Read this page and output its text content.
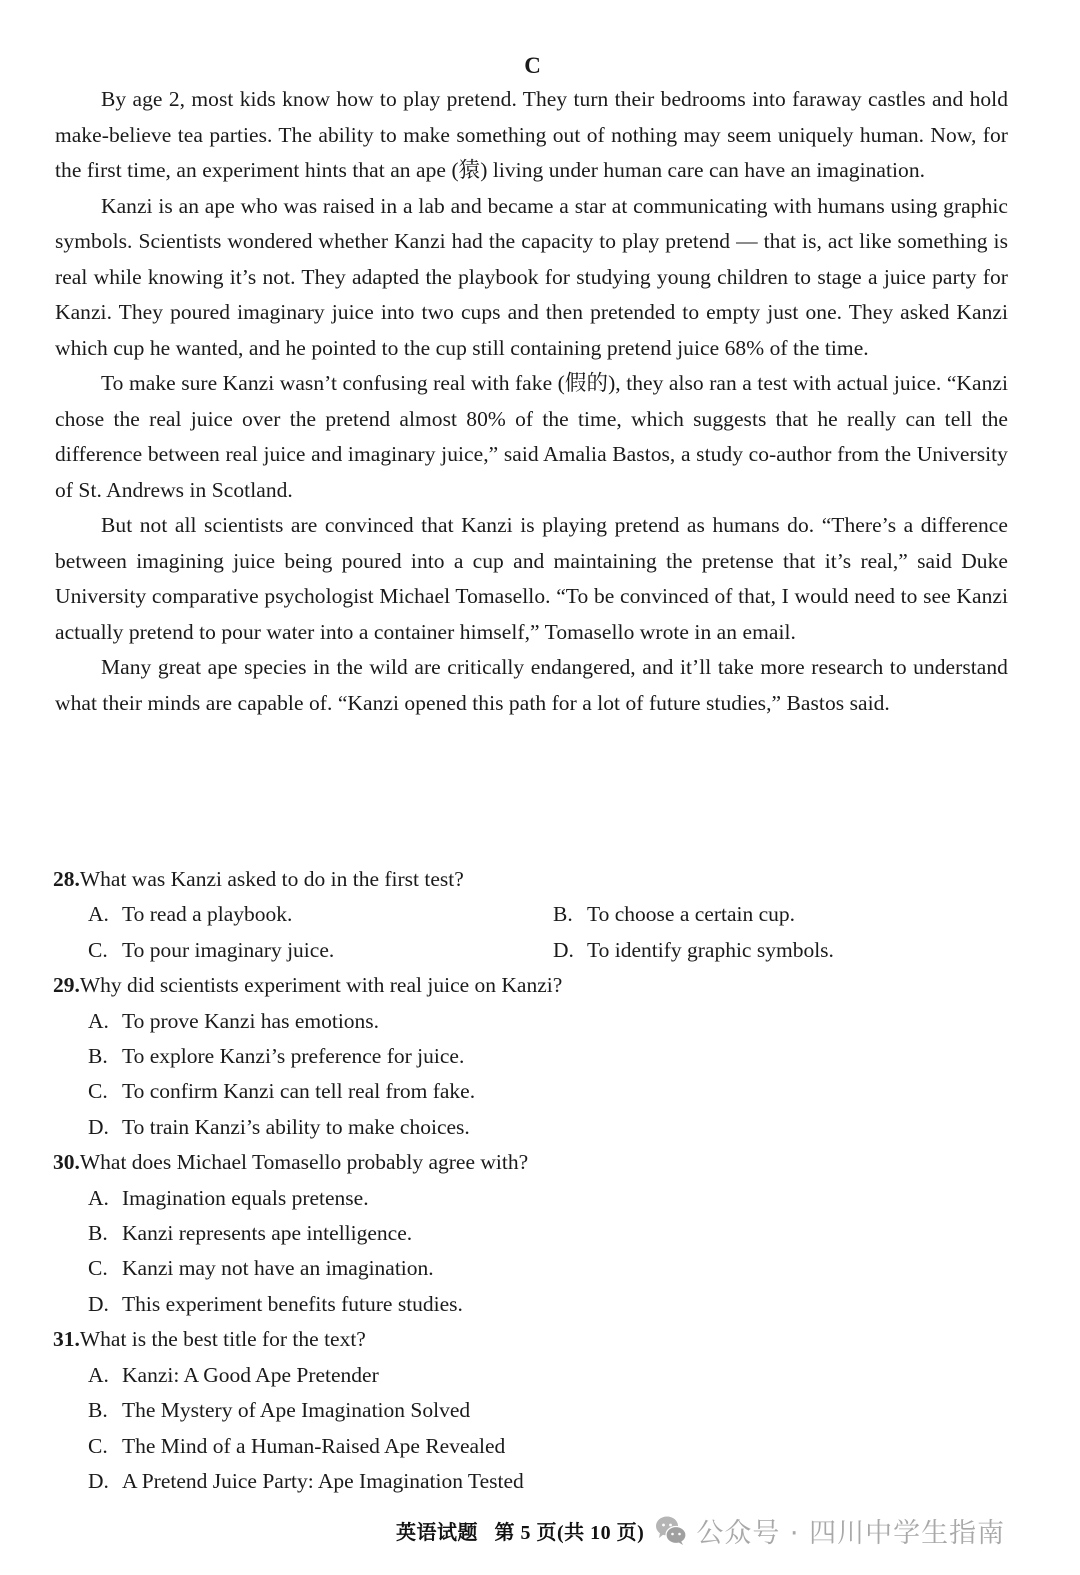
C

By age 2, most kids know how to play pretend. They turn their bedrooms into faraway castles and hold make-believe tea parties. The ability to make something out of nothing may seem uniquely human. Now, for the first time, an experiment hints that an ape (猿) living under human care can have an imagination.

Kanzi is an ape who was raised in a lab and became a star at communicating with humans using graphic symbols. Scientists wondered whether Kanzi had the capacity to play pretend — that is, act like something is real while knowing it’s not. They adapted the playbook for studying young children to stage a juice party for Kanzi. They poured imaginary juice into two cups and then pretended to empty just one. They asked Kanzi which cup he wanted, and he pointed to the cup still containing pretend juice 68% of the time.

To make sure Kanzi wasn’t confusing real with fake (假的), they also ran a test with actual juice. “Kanzi chose the real juice over the pretend almost 80% of the time, which suggests that he really can tell the difference between real juice and imaginary juice,” said Amalia Bastos, a study co-author from the University of St. Andrews in Scotland.

But not all scientists are convinced that Kanzi is playing pretend as humans do. “There’s a difference between imagining juice being poured into a cup and maintaining the pretense that it’s real,” said Duke University comparative psychologist Michael Tomasello. “To be convinced of that, I would need to see Kanzi actually pretend to pour water into a container himself,” Tomasello wrote in an email.

Many great ape species in the wild are critically endangered, and it’ll take more research to understand what their minds are capable of. “Kanzi opened this path for a lot of future studies,” Bastos said.

28.What was Kanzi asked to do in the first test?
A. To read a playbook.	B. To choose a certain cup.
C. To pour imaginary juice.	D. To identify graphic symbols.
29.Why did scientists experiment with real juice on Kanzi?
A. To prove Kanzi has emotions.
B. To explore Kanzi’s preference for juice.
C. To confirm Kanzi can tell real from fake.
D. To train Kanzi’s ability to make choices.
30.What does Michael Tomasello probably agree with?
A. Imagination equals pretense.
B. Kanzi represents ape intelligence.
C. Kanzi may not have an imagination.
D. This experiment benefits future studies.
31.What is the best title for the text?
A. Kanzi: A Good Ape Pretender
B. The Mystery of Ape Imagination Solved
C. The Mind of a Human-Raised Ape Revealed
D. A Pretend Juice Party: Ape Imagination Tested
英语试题   第 5 页(共 10 页) 公众号 · 四川中学生指南
